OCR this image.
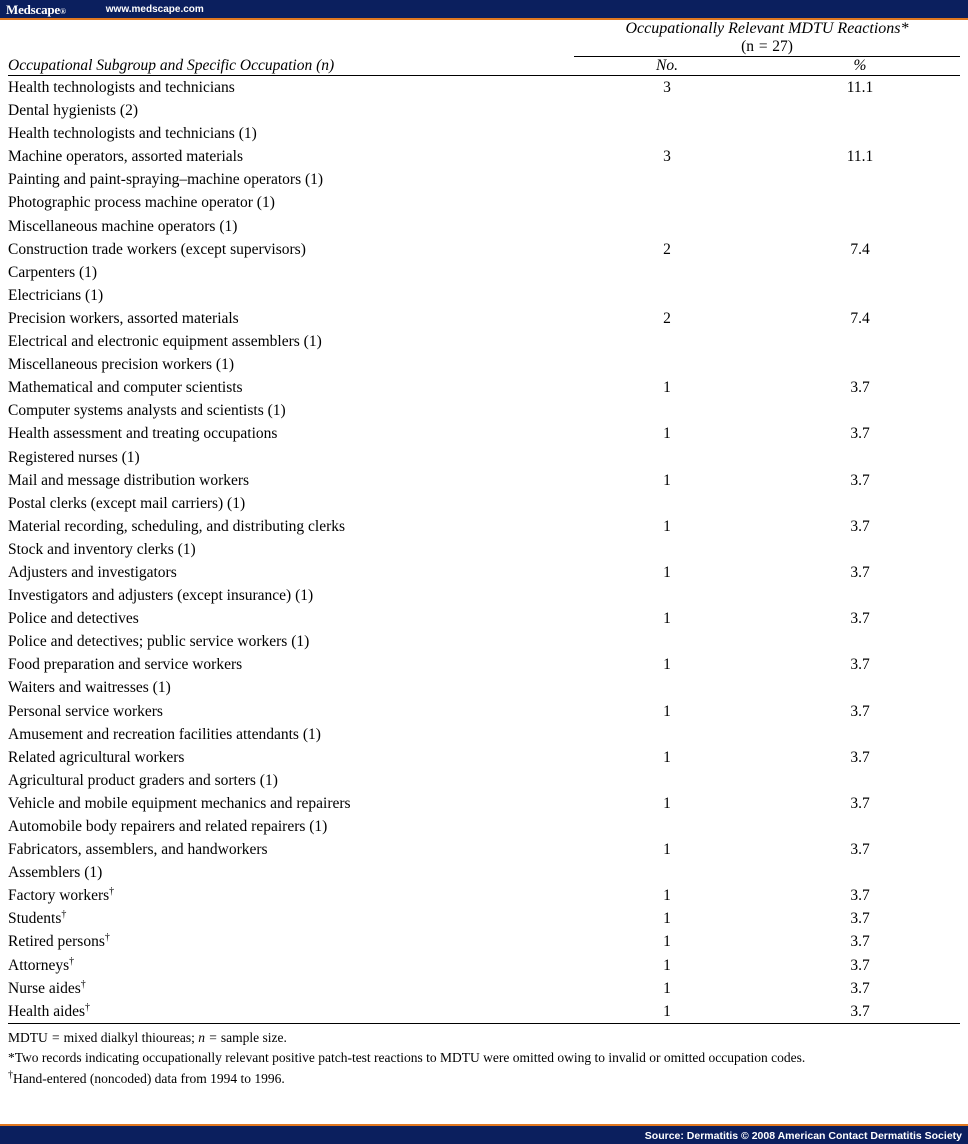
Medscape®	www.medscape.com
	Occupationally Relevant MDTU Reactions*
(n = 27)	

Occupational Subgroup and Specific Occupation (n)	No.	%

Health technologists and technicians	3	11.1
Dental hygienists (2)		
Health technologists and technicians (1)		
Machine operators, assorted materials	3	11.1
Painting and paint-spraying–machine operators (1)		
Photographic process machine operator (1)		
Miscellaneous machine operators (1)		
Construction trade workers (except supervisors)	2	7.4
Carpenters (1)		
Electricians (1)		
Precision workers, assorted materials	2	7.4
Electrical and electronic equipment assemblers (1)		
Miscellaneous precision workers (1)		
Mathematical and computer scientists	1	3.7
Computer systems analysts and scientists (1)		
Health assessment and treating occupations	1	3.7
Registered nurses (1)		
Mail and message distribution workers	1	3.7
Postal clerks (except mail carriers) (1)		
Material recording, scheduling, and distributing clerks	1	3.7
Stock and inventory clerks (1)		
Adjusters and investigators	1	3.7
Investigators and adjusters (except insurance) (1)		
Police and detectives	1	3.7
Police and detectives; public service workers (1)		
Food preparation and service workers	1	3.7
Waiters and waitresses (1)		
Personal service workers	1	3.7
Amusement and recreation facilities attendants (1)		
Related agricultural workers	1	3.7
Agricultural product graders and sorters (1)		
Vehicle and mobile equipment mechanics and repairers	1	3.7
Automobile body repairers and related repairers (1)		
Fabricators, assemblers, and handworkers	1	3.7
Assemblers (1)		
Factory workers†	1	3.7
Students†	1	3.7
Retired persons†	1	3.7
Attorneys†	1	3.7
Nurse aides†	1	3.7
Health aides†	1	3.7

MDTU = mixed dialkyl thioureas; n = sample size.
*Two records indicating occupationally relevant positive patch-test reactions to MDTU were omitted owing to invalid or omitted occupation codes.
†Hand-entered (noncoded) data from 1994 to 1996.
Source: Dermatitis © 2008 American Contact Dermatitis Society
